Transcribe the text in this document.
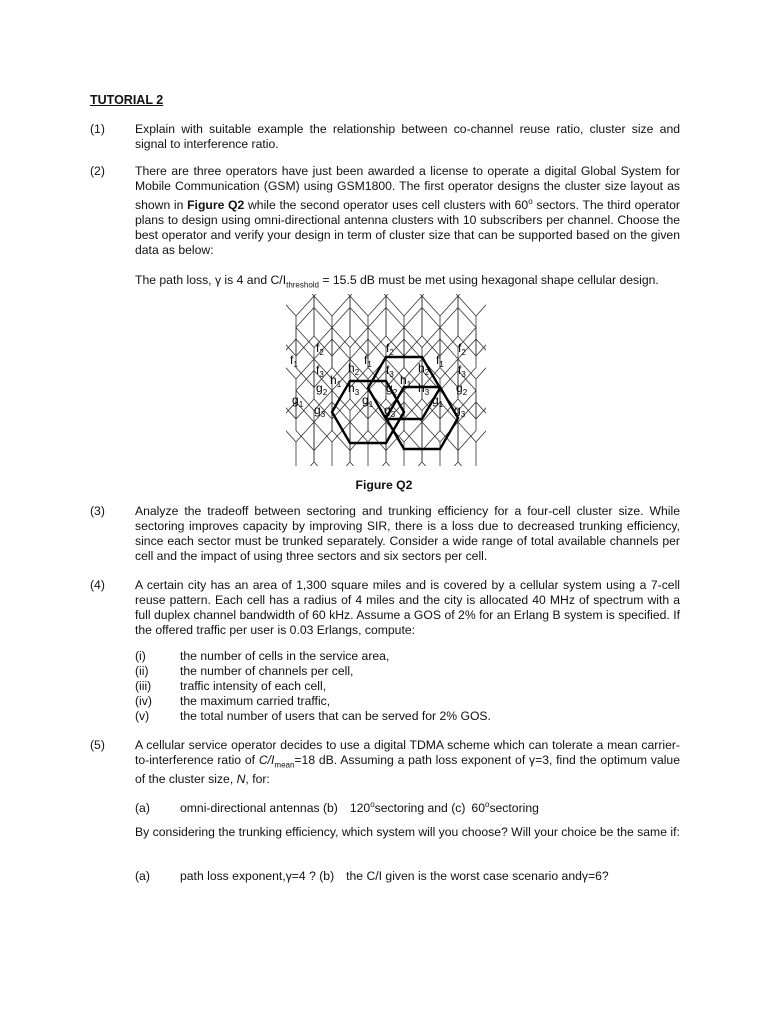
TUTORIAL 2
(1) Explain with suitable example the relationship between co-channel reuse ratio, cluster size and signal to interference ratio.

(2) There are three operators have just been awarded a license to operate a digital Global System for Mobile Communication (GSM) using GSM1800. The first operator designs the cluster size layout as shown in Figure Q2 while the second operator uses cell clusters with 60$^o$ sectors. The third operator plans to design using omni-directional antenna clusters with 10 subscribers per channel. Choose the best operator and verify your design in term of cluster size that can be supported based on the given data as below:

The path loss, γ is 4 and $C/I_{threshold} = 15.5$ dB must be met using hexagonal shape cellular design.

$f_2$
$f_1$ $f_3$ $h_2$
$h_1$ $h_3$
$g_2$
$g_1$ $g_3$
$f_2$
$f_1$ $f_3$ $h_2$
$h_1$ $h_3$
$g_2$
$g_1$ $g_3$
$f_2$
$f_1$ $f_3$
$g_2$
$g_1$ $g_3$
Figure Q2
(3) Analyze the tradeoff between sectoring and trunking efficiency for a four-cell cluster size. While sectoring improves capacity by improving SIR, there is a loss due to decreased trunking efficiency, since each sector must be trunked separately. Consider a wide range of total available channels per cell and the impact of using three sectors and six sectors per cell.

(4) A certain city has an area of 1,300 square miles and is covered by a cellular system using a 7-cell reuse pattern. Each cell has a radius of 4 miles and the city is allocated 40 MHz of spectrum with a full duplex channel bandwidth of 60 kHz. Assume a GOS of 2% for an Erlang B system is specified. If the offered traffic per user is 0.03 Erlangs, compute:

(i)	the number of cells in the service area,
(ii)	the number of channels per cell,
(iii) traffic intensity of each cell,
(iv) the maximum carried traffic,
(v)	the total number of users that can be served for 2% GOS.
(5) A cellular service operator decides to use a digital TDMA scheme which can tolerate a mean carrier-to-interference ratio of $C/I_{mean}=18$ dB. Assuming a path loss exponent of γ=3, find the optimum value of the cluster size, N, for:

(a) omni-directional antennas (b) 120$^o$sectoring and (c) 60$^o$sectoring

By considering the trunking efficiency, which system will you choose? Will your choice be the same if:

(a) path loss exponent,γ=4 ? (b) the C/I given is the worst case scenario andγ=6?
